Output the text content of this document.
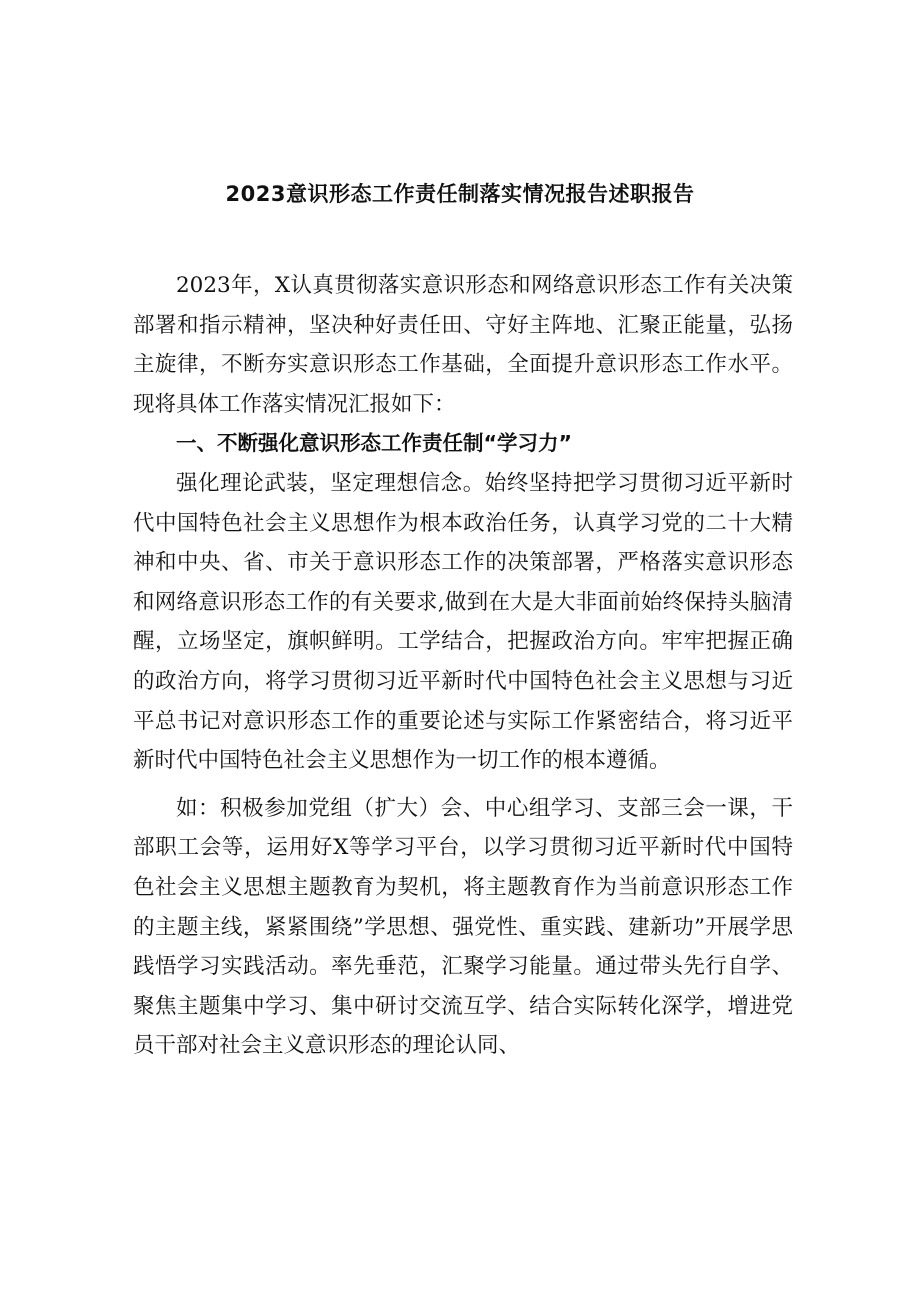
2023意识形态工作责任制落实情况报告述职报告

2023年，X认真贯彻落实意识形态和网络意识形态工作有关决策部署和指示精神，坚决种好责任田、守好主阵地、汇聚正能量，弘扬主旋律，不断夯实意识形态工作基础，全面提升意识形态工作水平。现将具体工作落实情况汇报如下：

一、不断强化意识形态工作责任制“学习力”

强化理论武装，坚定理想信念。始终坚持把学习贯彻习近平新时代中国特色社会主义思想作为根本政治任务，认真学习党的二十大精神和中央、省、市关于意识形态工作的决策部署，严格落实意识形态和网络意识形态工作的有关要求,做到在大是大非面前始终保持头脑清醒，立场坚定，旗帜鲜明。工学结合，把握政治方向。牢牢把握正确的政治方向，将学习贯彻习近平新时代中国特色社会主义思想与习近平总书记对意识形态工作的重要论述与实际工作紧密结合，将习近平新时代中国特色社会主义思想作为一切工作的根本遵循。

如：积极参加党组（扩大）会、中心组学习、支部三会一课，干部职工会等，运用好X等学习平台，以学习贯彻习近平新时代中国特色社会主义思想主题教育为契机，将主题教育作为当前意识形态工作的主题主线，紧紧围绕”学思想、强党性、重实践、建新功”开展学思践悟学习实践活动。率先垂范，汇聚学习能量。通过带头先行自学、聚焦主题集中学习、集中研讨交流互学、结合实际转化深学，增进党员干部对社会主义意识形态的理论认同、
